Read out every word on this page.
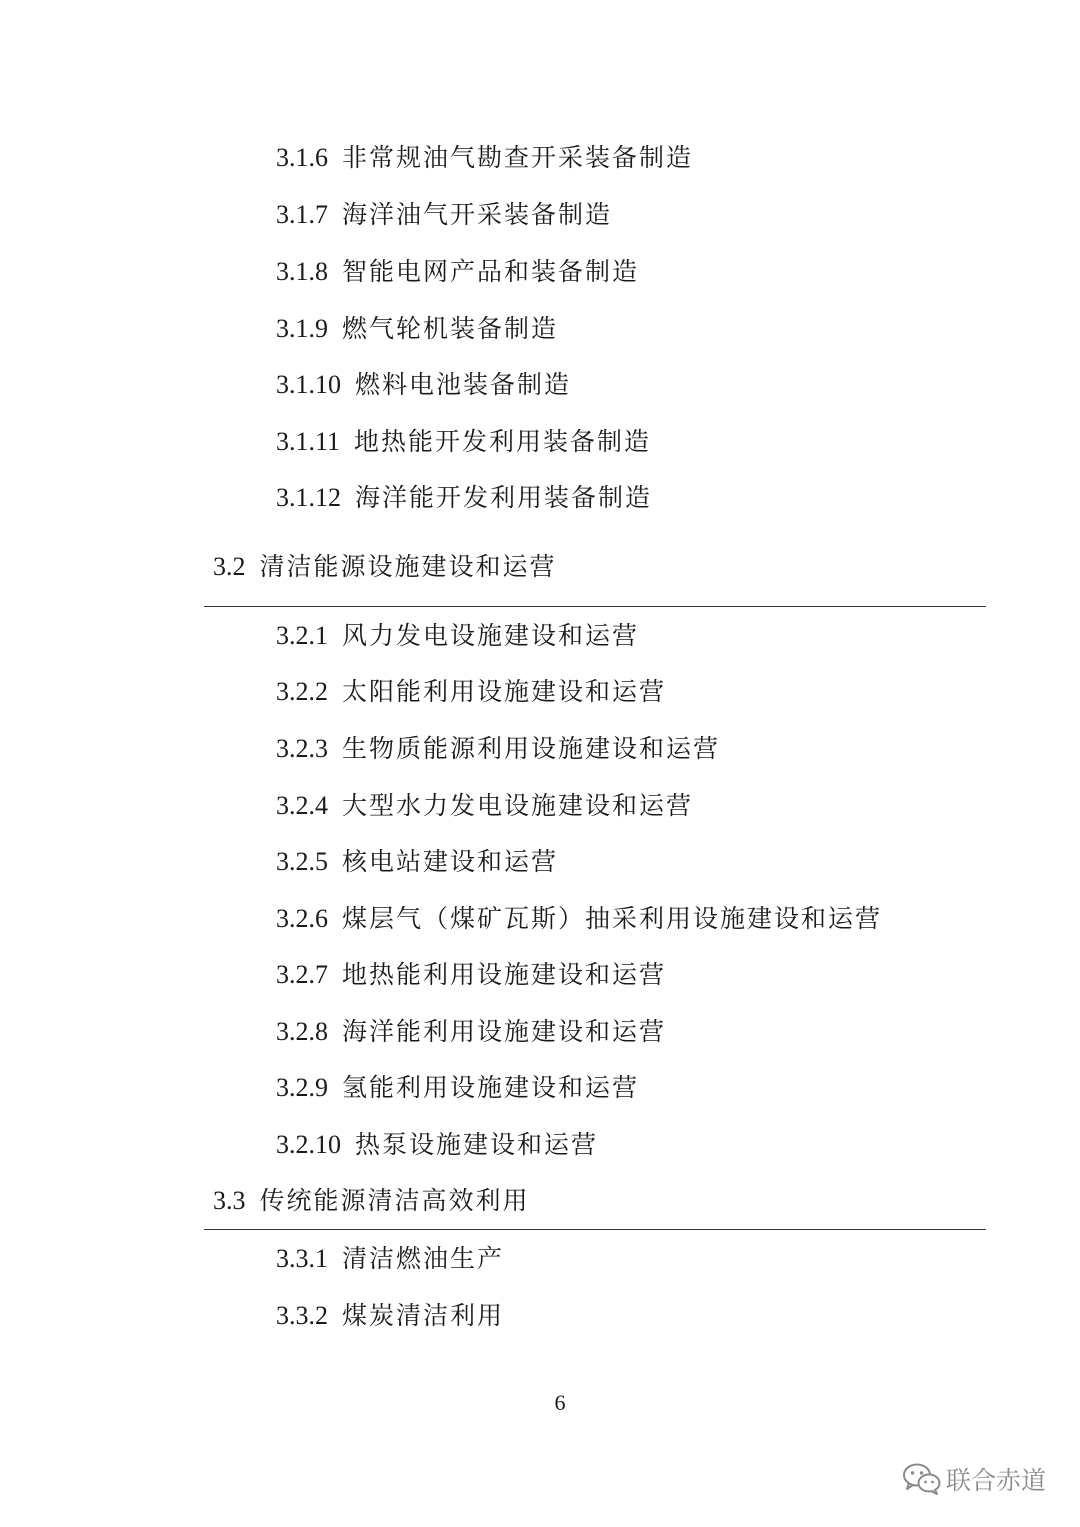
3.1.6 非常规油气勘查开采装备制造
3.1.7 海洋油气开采装备制造
3.1.8 智能电网产品和装备制造
3.1.9 燃气轮机装备制造
3.1.10 燃料电池装备制造
3.1.11 地热能开发利用装备制造
3.1.12 海洋能开发利用装备制造
3.2 清洁能源设施建设和运营
3.2.1 风力发电设施建设和运营
3.2.2 太阳能利用设施建设和运营
3.2.3 生物质能源利用设施建设和运营
3.2.4 大型水力发电设施建设和运营
3.2.5 核电站建设和运营
3.2.6 煤层气（煤矿瓦斯）抽采利用设施建设和运营
3.2.7 地热能利用设施建设和运营
3.2.8 海洋能利用设施建设和运营
3.2.9 氢能利用设施建设和运营
3.2.10 热泵设施建设和运营
3.3 传统能源清洁高效利用
3.3.1 清洁燃油生产
3.3.2 煤炭清洁利用
6
联合赤道
